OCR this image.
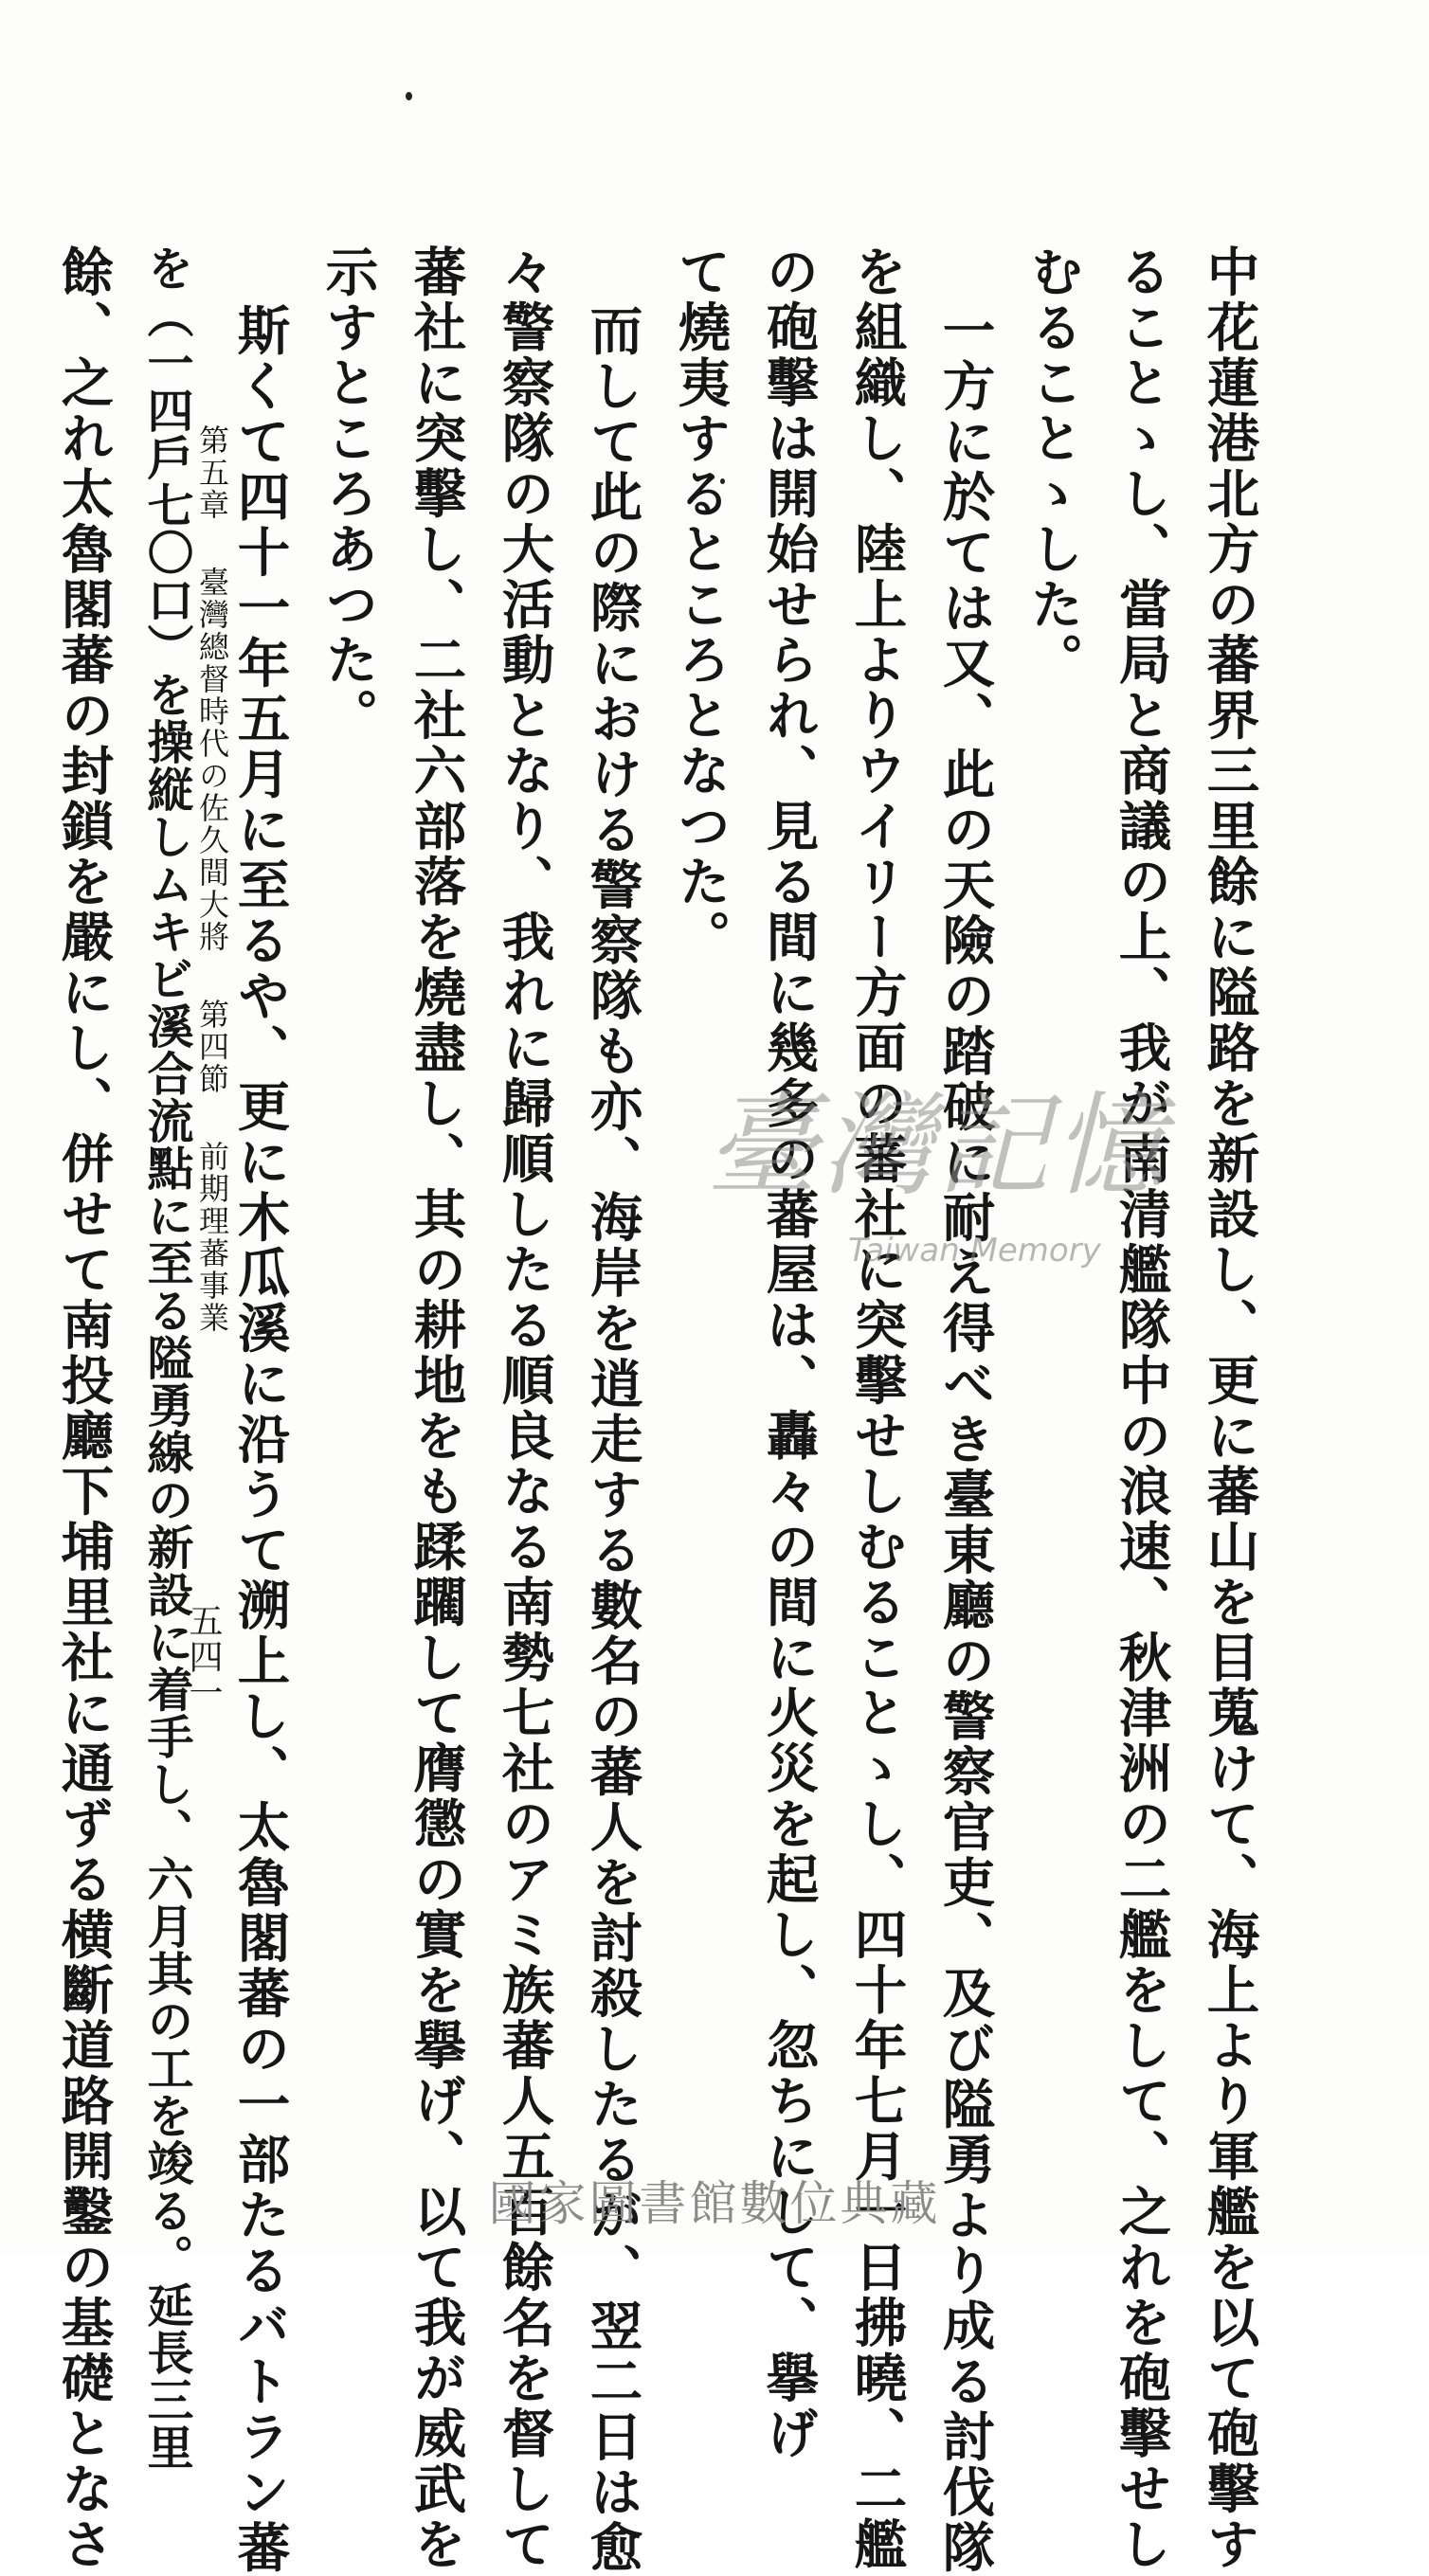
中花蓮港北方の蕃界三里餘に隘路を新設し、更に蕃山を目蒐けて、海上より軍艦を以て砲擊す
ることゝし、當局と商議の上、我が南清艦隊中の浪速、秋津洲の二艦をして、之れを砲擊せし
むることゝした。
一方に於ては又、此の天險の踏破に耐え得べき臺東廳の警察官吏、及び隘勇より成る討伐隊
を組織し、陸上よりウイリー方面の蕃社に突擊せしむることゝし、四十年七月一日拂曉、二艦
の砲擊は開始せられ、見る間に幾多の蕃屋は、轟々の間に火災を起し、忽ちにして、擧げ
て燒夷するところとなつた。
而して此の際における警察隊も亦、海岸を逍走する數名の蕃人を討殺したるが、翌二日は愈
々警察隊の大活動となり、我れに歸順したる順良なる南勢七社のアミ族蕃人五百餘名を督して
蕃社に突擊し、二社六部落を燒盡し、其の耕地をも蹂躙して膺懲の實を擧げ、以て我が威武を
示すところあつた。
斯くて四十一年五月に至るや、更に木瓜溪に沿うて溯上し、太魯閣蕃の一部たるバトラン蕃
を（一四戶七〇口）を操縦しムキビ溪合流點に至る隘勇線の新設に着手し、六月其の工を竣る。延長三里
餘、之れ太魯閣蕃の封鎖を嚴にし、併せて南投廳下埔里社に通ずる横斷道路開鑿の基礎となさ	第五章臺灣總督時代の佐久間大將第四節前期理蕃事業
五四一
臺灣記憶
Taiwan Memory
國家圖書館數位典藏
